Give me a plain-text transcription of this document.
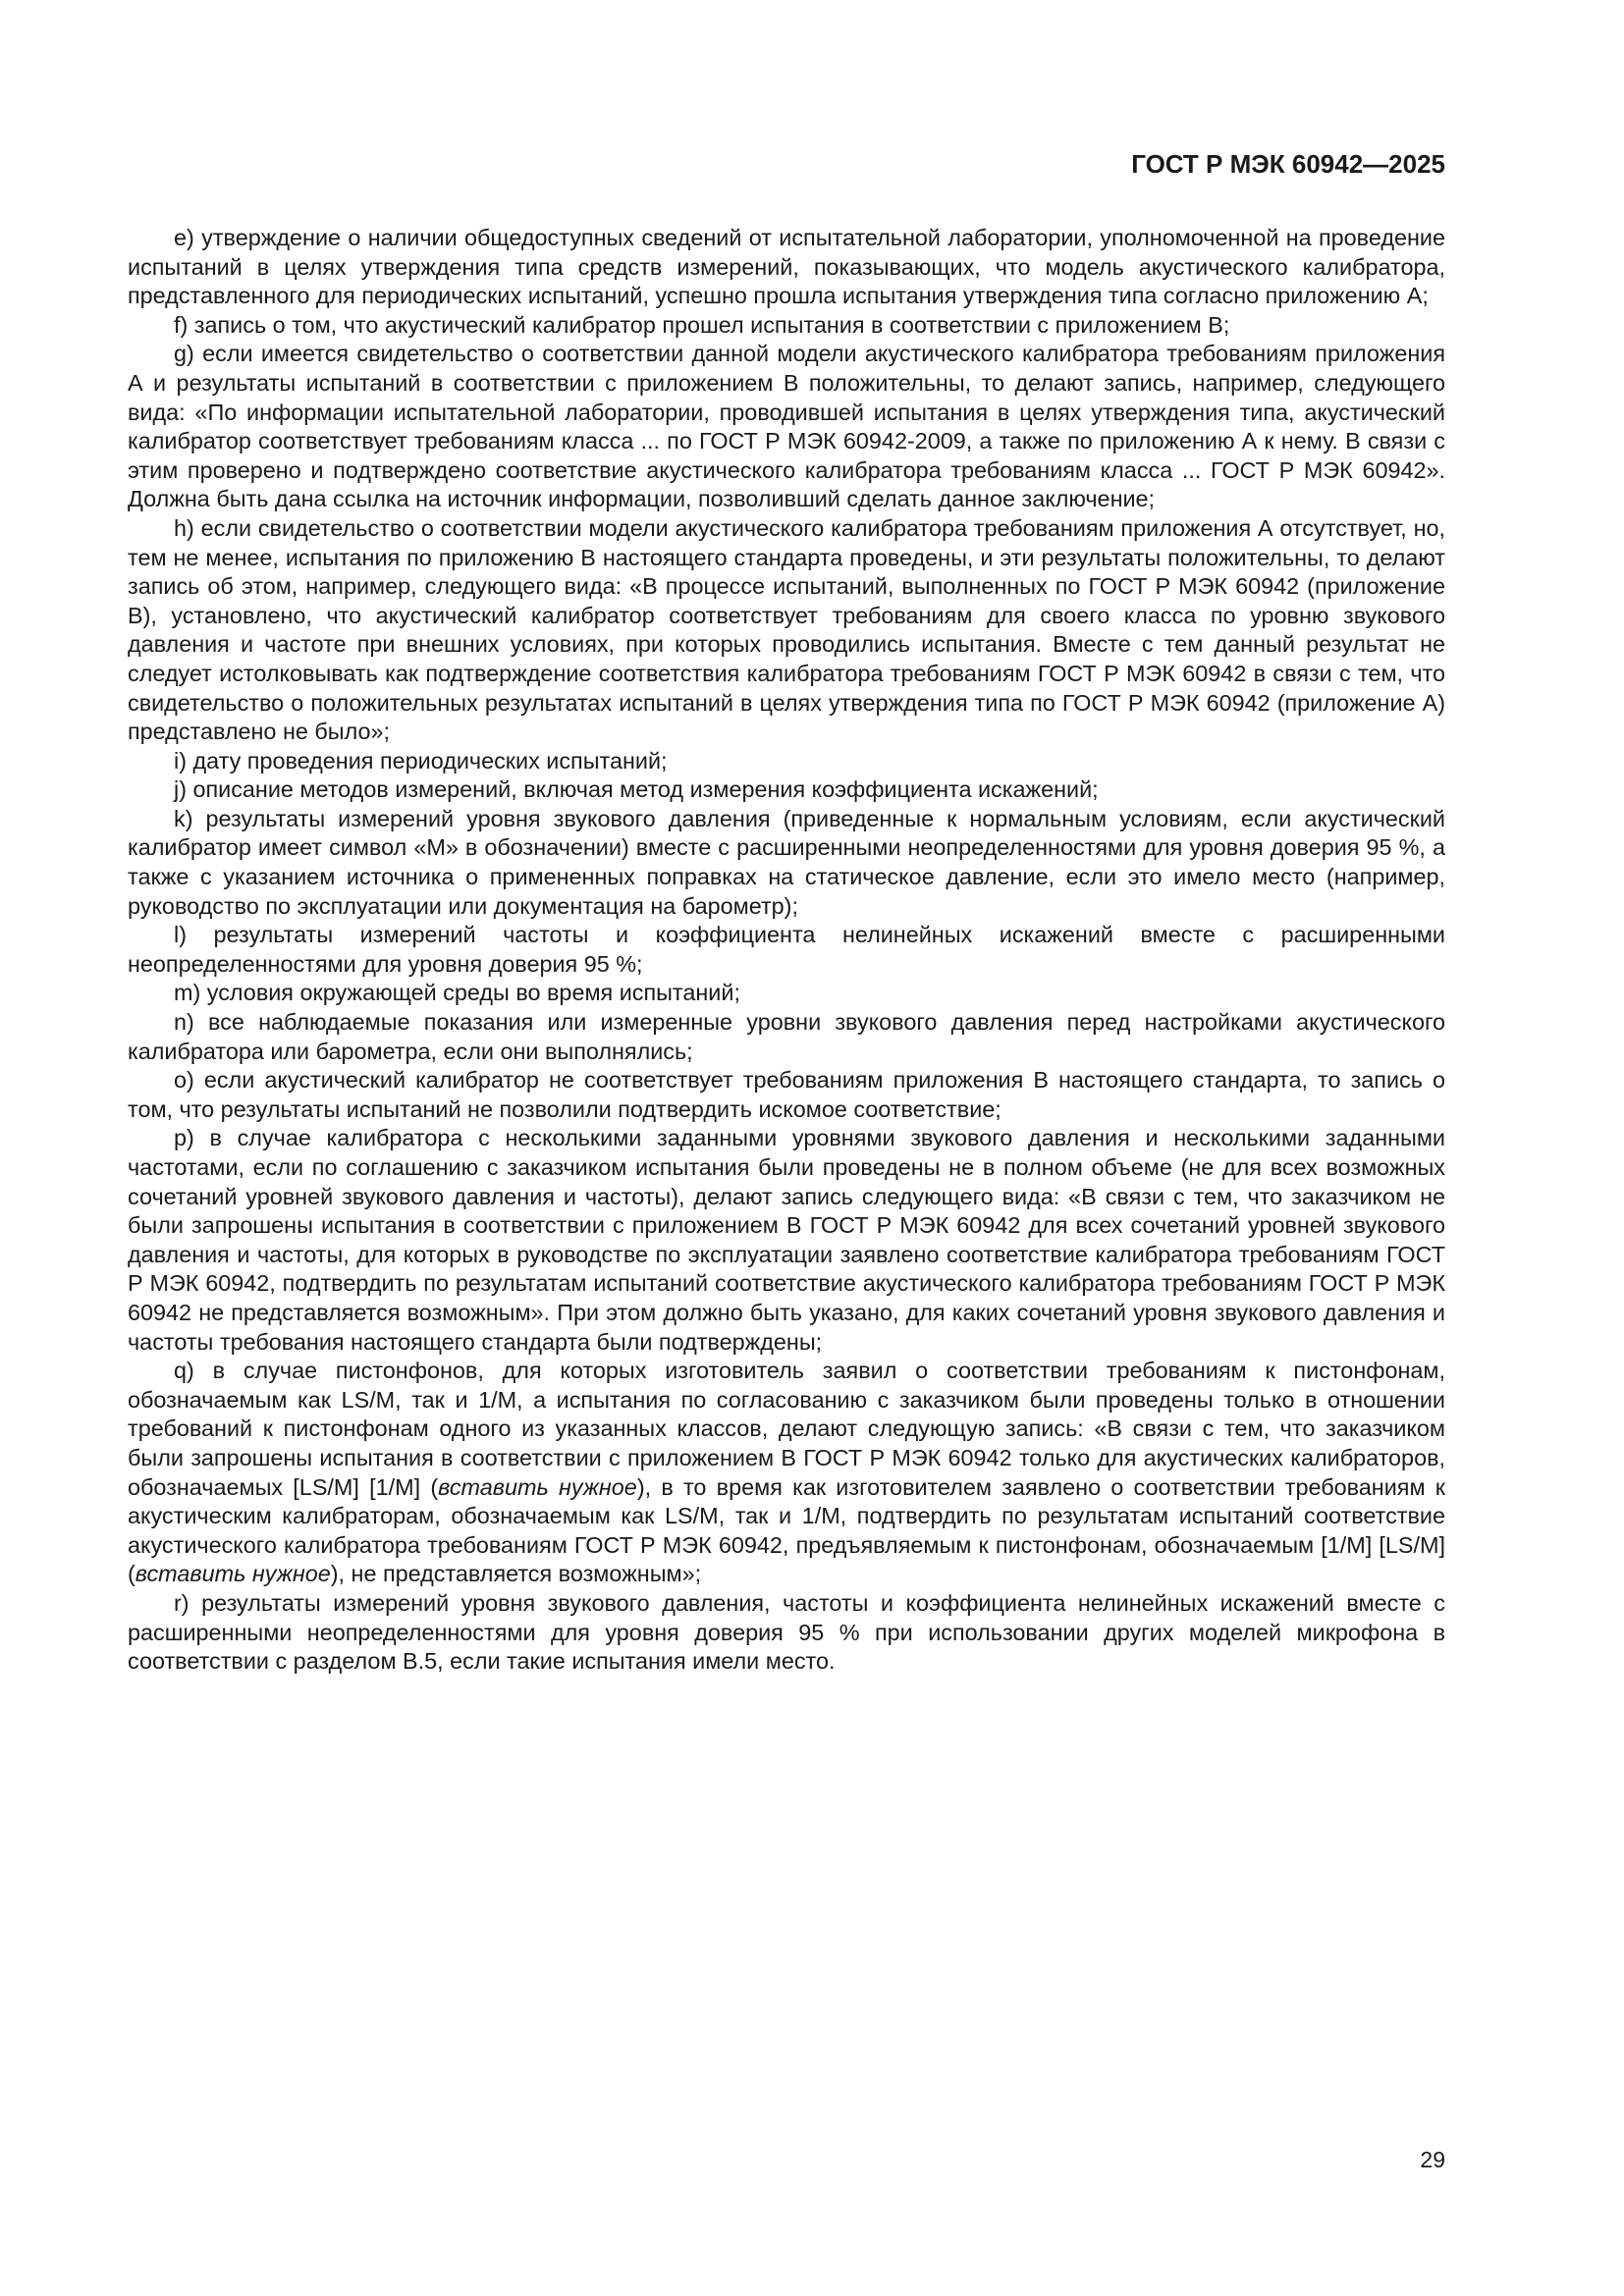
ГОСТ Р МЭК 60942—2025

е) утверждение о наличии общедоступных сведений от испытательной лаборатории, уполномоченной на проведение испытаний в целях утверждения типа средств измерений, показывающих, что модель акустического калибратора, представленного для периодических испытаний, успешно прошла испытания утверждения типа согласно приложению А;

f) запись о том, что акустический калибратор прошел испытания в соответствии с приложением В;

g) если имеется свидетельство о соответствии данной модели акустического калибратора требованиям приложения А и результаты испытаний в соответствии с приложением В положительны, то делают запись, например, следующего вида: «По информации испытательной лаборатории, проводившей испытания в целях утверждения типа, акустический калибратор соответствует требованиям класса ... по ГОСТ Р МЭК 60942-2009, а также по приложению А к нему. В связи с этим проверено и подтверждено соответствие акустического калибратора требованиям класса ... ГОСТ Р МЭК 60942». Должна быть дана ссылка на источник информации, позволивший сделать данное заключение;

h) если свидетельство о соответствии модели акустического калибратора требованиям приложения А отсутствует, но, тем не менее, испытания по приложению В настоящего стандарта проведены, и эти результаты положительны, то делают запись об этом, например, следующего вида: «В процессе испытаний, выполненных по ГОСТ Р МЭК 60942 (приложение В), установлено, что акустический калибратор соответствует требованиям для своего класса по уровню звукового давления и частоте при внешних условиях, при которых проводились испытания. Вместе с тем данный результат не следует истолковывать как подтверждение соответствия калибратора требованиям ГОСТ Р МЭК 60942 в связи с тем, что свидетельство о положительных результатах испытаний в целях утверждения типа по ГОСТ Р МЭК 60942 (приложение А) представлено не было»;

i) дату проведения периодических испытаний;

j) описание методов измерений, включая метод измерения коэффициента искажений;

k) результаты измерений уровня звукового давления (приведенные к нормальным условиям, если акустический калибратор имеет символ «М» в обозначении) вместе с расширенными неопределенностями для уровня доверия 95 %, а также с указанием источника о примененных поправках на статическое давление, если это имело место (например, руководство по эксплуатации или документация на барометр);

l) результаты измерений частоты и коэффициента нелинейных искажений вместе с расширенными неопределенностями для уровня доверия 95 %;

m) условия окружающей среды во время испытаний;

n) все наблюдаемые показания или измеренные уровни звукового давления перед настройками акустического калибратора или барометра, если они выполнялись;

o) если акустический калибратор не соответствует требованиям приложения В настоящего стандарта, то запись о том, что результаты испытаний не позволили подтвердить искомое соответствие;

p) в случае калибратора с несколькими заданными уровнями звукового давления и несколькими заданными частотами, если по соглашению с заказчиком испытания были проведены не в полном объеме (не для всех возможных сочетаний уровней звукового давления и частоты), делают запись следующего вида: «В связи с тем, что заказчиком не были запрошены испытания в соответствии с приложением В ГОСТ Р МЭК 60942 для всех сочетаний уровней звукового давления и частоты, для которых в руководстве по эксплуатации заявлено соответствие калибратора требованиям ГОСТ Р МЭК 60942, подтвердить по результатам испытаний соответствие акустического калибратора требованиям ГОСТ Р МЭК 60942 не представляется возможным». При этом должно быть указано, для каких сочетаний уровня звукового давления и частоты требования настоящего стандарта были подтверждены;

q) в случае пистонфонов, для которых изготовитель заявил о соответствии требованиям к пистонфонам, обозначаемым как LS/M, так и 1/M, а испытания по согласованию с заказчиком были проведены только в отношении требований к пистонфонам одного из указанных классов, делают следующую запись: «В связи с тем, что заказчиком были запрошены испытания в соответствии с приложением В ГОСТ Р МЭК 60942 только для акустических калибраторов, обозначаемых [LS/M] [1/M] (вставить нужное), в то время как изготовителем заявлено о соответствии требованиям к акустическим калибраторам, обозначаемым как LS/M, так и 1/M, подтвердить по результатам испытаний соответствие акустического калибратора требованиям ГОСТ Р МЭК 60942, предъявляемым к пистонфонам, обозначаемым [1/M] [LS/M] (вставить нужное), не представляется возможным»;

r) результаты измерений уровня звукового давления, частоты и коэффициента нелинейных искажений вместе с расширенными неопределенностями для уровня доверия 95 % при использовании других моделей микрофона в соответствии с разделом В.5, если такие испытания имели место.

29
